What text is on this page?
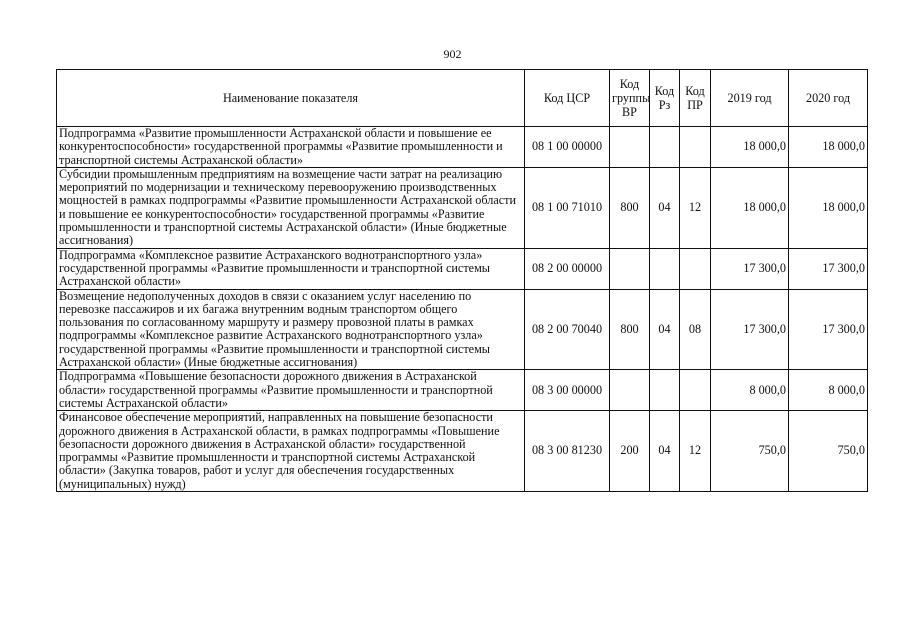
902
Наименование показателя	Код ЦСР	Код группы ВР	Код Рз	Код ПР	2019 год	2020 год
Подпрограмма «Развитие промышленности Астраханской области и повышение ее конкурентоспособности» государственной программы «Развитие промышленности и транспортной системы Астраханской области»	08 1 00 00000				18 000,0	18 000,0
Субсидии промышленным предприятиям на возмещение части затрат на реализацию мероприятий по модернизации и техническому перевооружению производственных мощностей в рамках подпрограммы «Развитие промышленности Астраханской области и повышение ее конкурентоспособности» государственной программы «Развитие промышленности и транспортной системы Астраханской области» (Иные бюджетные ассигнования)	08 1 00 71010	800	04	12	18 000,0	18 000,0
Подпрограмма «Комплексное развитие Астраханского воднотранспортного узла» государственной программы «Развитие промышленности и транспортной системы Астраханской области»	08 2 00 00000				17 300,0	17 300,0
Возмещение недополученных доходов в связи с оказанием услуг населению по перевозке пассажиров и их багажа внутренним водным транспортом общего пользования по согласованному маршруту и размеру провозной платы в рамках подпрограммы «Комплексное развитие Астраханского воднотранспортного узла» государственной программы «Развитие промышленности и транспортной системы Астраханской области» (Иные бюджетные ассигнования)	08 2 00 70040	800	04	08	17 300,0	17 300,0
Подпрограмма «Повышение безопасности дорожного движения в Астраханской области» государственной программы «Развитие промышленности и транспортной системы Астраханской области»	08 3 00 00000				8 000,0	8 000,0
Финансовое обеспечение мероприятий, направленных на повышение безопасности дорожного движения в Астраханской области, в рамках подпрограммы «Повышение безопасности дорожного движения в Астраханской области» государственной программы «Развитие промышленности и транспортной системы Астраханской области» (Закупка товаров, работ и услуг для обеспечения государственных (муниципальных) нужд)	08 3 00 81230	200	04	12	750,0	750,0
